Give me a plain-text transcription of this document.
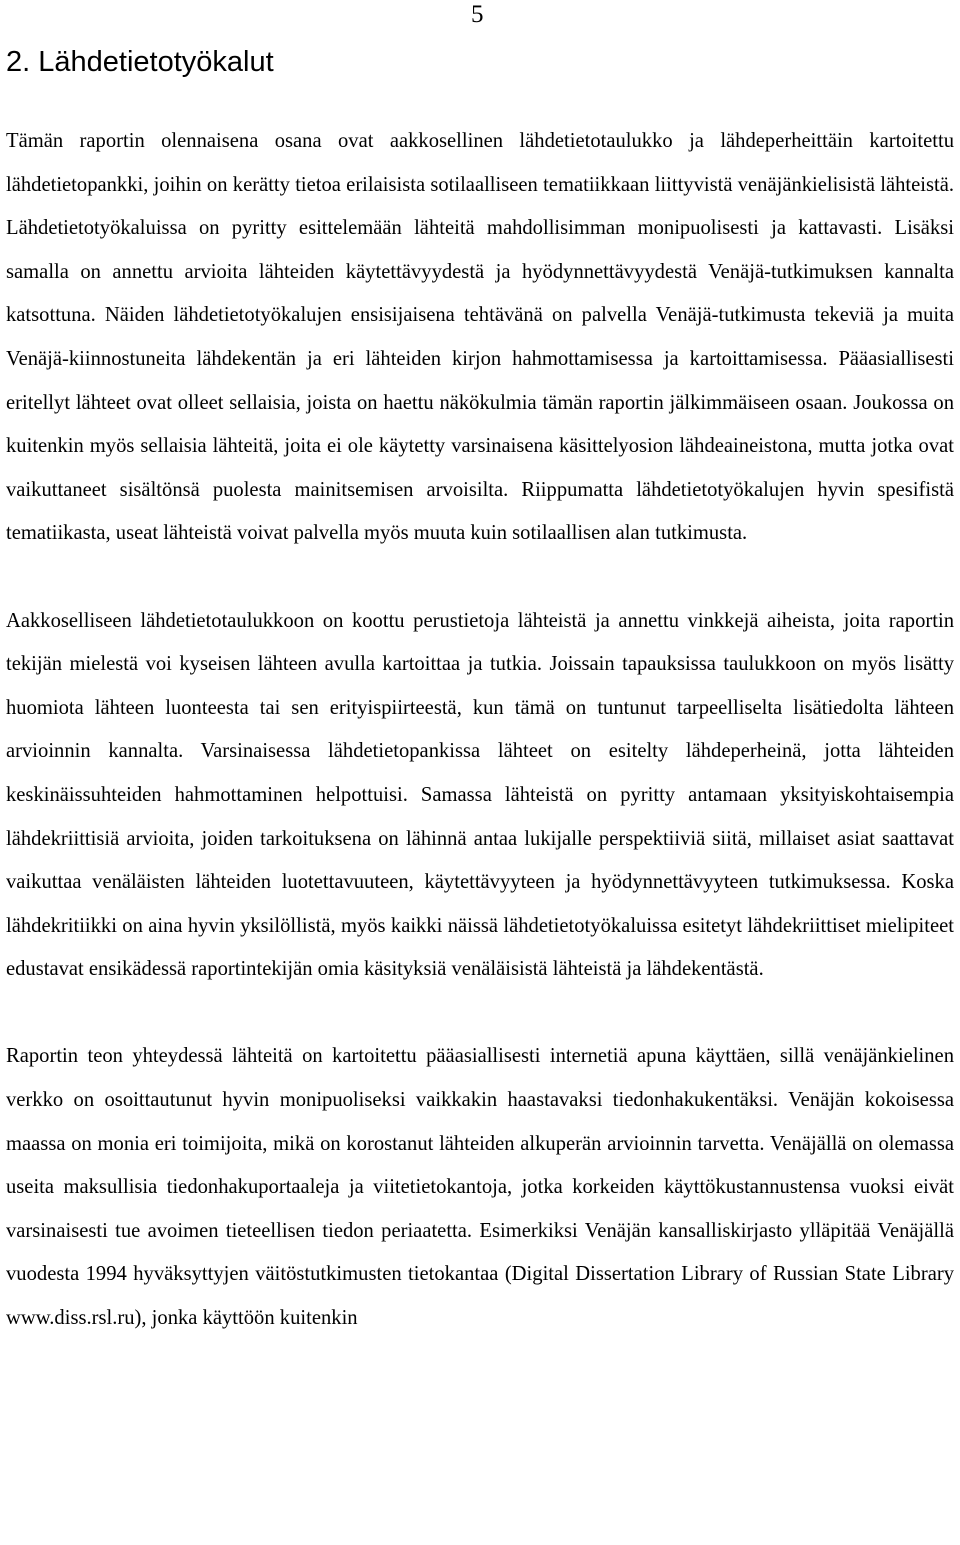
5
2. Lähdetietotyökalut

Tämän raportin olennaisena osana ovat aakkosellinen lähdetietotaulukko ja lähdeperheittäin kartoitettu lähdetietopankki, joihin on kerätty tietoa erilaisista sotilaalliseen tematiikkaan liittyvistä venäjänkielisistä lähteistä. Lähdetietotyökaluissa on pyritty esittelemään lähteitä mahdollisimman monipuolisesti ja kattavasti. Lisäksi samalla on annettu arvioita lähteiden käytettävyydestä ja hyödynnettävyydestä Venäjä-tutkimuksen kannalta katsottuna. Näiden lähdetietotyökalujen ensisijaisena tehtävänä on palvella Venäjä-tutkimusta tekeviä ja muita Venäjä-kiinnostuneita lähdekentän ja eri lähteiden kirjon hahmottamisessa ja kartoittamisessa. Pääasiallisesti eritellyt lähteet ovat olleet sellaisia, joista on haettu näkökulmia tämän raportin jälkimmäiseen osaan. Joukossa on kuitenkin myös sellaisia lähteitä, joita ei ole käytetty varsinaisena käsittelyosion lähdeaineistona, mutta jotka ovat vaikuttaneet sisältönsä puolesta mainitsemisen arvoisilta. Riippumatta lähdetietotyökalujen hyvin spesifistä tematiikasta, useat lähteistä voivat palvella myös muuta kuin sotilaallisen alan tutkimusta.

Aakkoselliseen lähdetietotaulukkoon on koottu perustietoja lähteistä ja annettu vinkkejä aiheista, joita raportin tekijän mielestä voi kyseisen lähteen avulla kartoittaa ja tutkia. Joissain tapauksissa taulukkoon on myös lisätty huomiota lähteen luonteesta tai sen erityispiirteestä, kun tämä on tuntunut tarpeelliselta lisätiedolta lähteen arvioinnin kannalta. Varsinaisessa lähdetietopankissa lähteet on esitelty lähdeperheinä, jotta lähteiden keskinäissuhteiden hahmottaminen helpottuisi. Samassa lähteistä on pyritty antamaan yksityiskohtaisempia lähdekriittisiä arvioita, joiden tarkoituksena on lähinnä antaa lukijalle perspektiiviä siitä, millaiset asiat saattavat vaikuttaa venäläisten lähteiden luotettavuuteen, käytettävyyteen ja hyödynnettävyyteen tutkimuksessa. Koska lähdekritiikki on aina hyvin yksilöllistä, myös kaikki näissä lähdetietotyökaluissa esitetyt lähdekriittiset mielipiteet edustavat ensikädessä raportintekijän omia käsityksiä venäläisistä lähteistä ja lähdekentästä.

Raportin teon yhteydessä lähteitä on kartoitettu pääasiallisesti internetiä apuna käyttäen, sillä venäjänkielinen verkko on osoittautunut hyvin monipuoliseksi vaikkakin haastavaksi tiedonhakukentäksi. Venäjän kokoisessa maassa on monia eri toimijoita, mikä on korostanut lähteiden alkuperän arvioinnin tarvetta. Venäjällä on olemassa useita maksullisia tiedonhakuportaaleja ja viitetietokantoja, jotka korkeiden käyttökustannustensa vuoksi eivät varsinaisesti tue avoimen tieteellisen tiedon periaatetta. Esimerkiksi Venäjän kansalliskirjasto ylläpitää Venäjällä vuodesta 1994 hyväksyttyjen väitöstutkimusten tietokantaa (Digital Dissertation Library of Russian State Library www.diss.rsl.ru), jonka käyttöön kuitenkin
